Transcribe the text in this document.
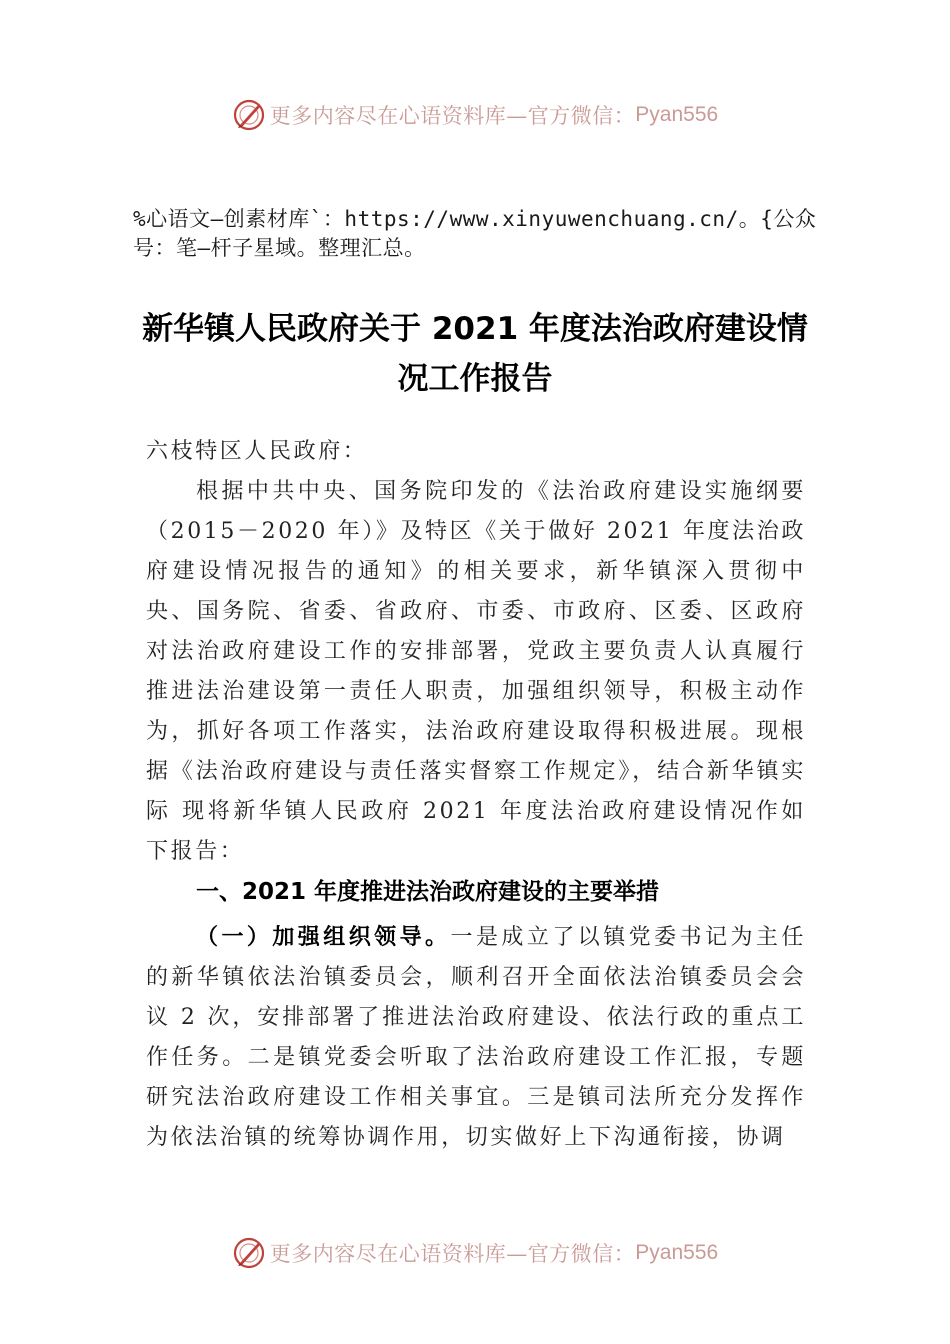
更多内容尽在心语资料库—官方微信： Pyan556
%心语文—创素材库`：https://www.xinyuwenchuang.cn/。{公众号：笔—杆子星域。整理汇总。
新华镇人民政府关于 2021 年度法治政府建设情况工作报告
六枝特区人民政府：
根据中共中央、国务院印发的《法治政府建设实施纲要（2015－2020 年）》及特区《关于做好 2021 年度法治政府建设情况报告的通知》的相关要求，新华镇深入贯彻中央、国务院、省委、省政府、市委、市政府、区委、区政府对法治政府建设工作的安排部署，党政主要负责人认真履行推进法治建设第一责任人职责，加强组织领导，积极主动作为，抓好各项工作落实，法治政府建设取得积极进展。现根据《法治政府建设与责任落实督察工作规定》，结合新华镇实际 现将新华镇人民政府 2021 年度法治政府建设情况作如下报告：
一、2021 年度推进法治政府建设的主要举措
（一）加强组织领导。一是成立了以镇党委书记为主任的新华镇依法治镇委员会，顺利召开全面依法治镇委员会会议 2 次，安排部署了推进法治政府建设、依法行政的重点工作任务。二是镇党委会听取了法治政府建设工作汇报，专题研究法治政府建设工作相关事宜。三是镇司法所充分发挥作为依法治镇的统筹协调作用，切实做好上下沟通衔接，协调
更多内容尽在心语资料库—官方微信： Pyan556
